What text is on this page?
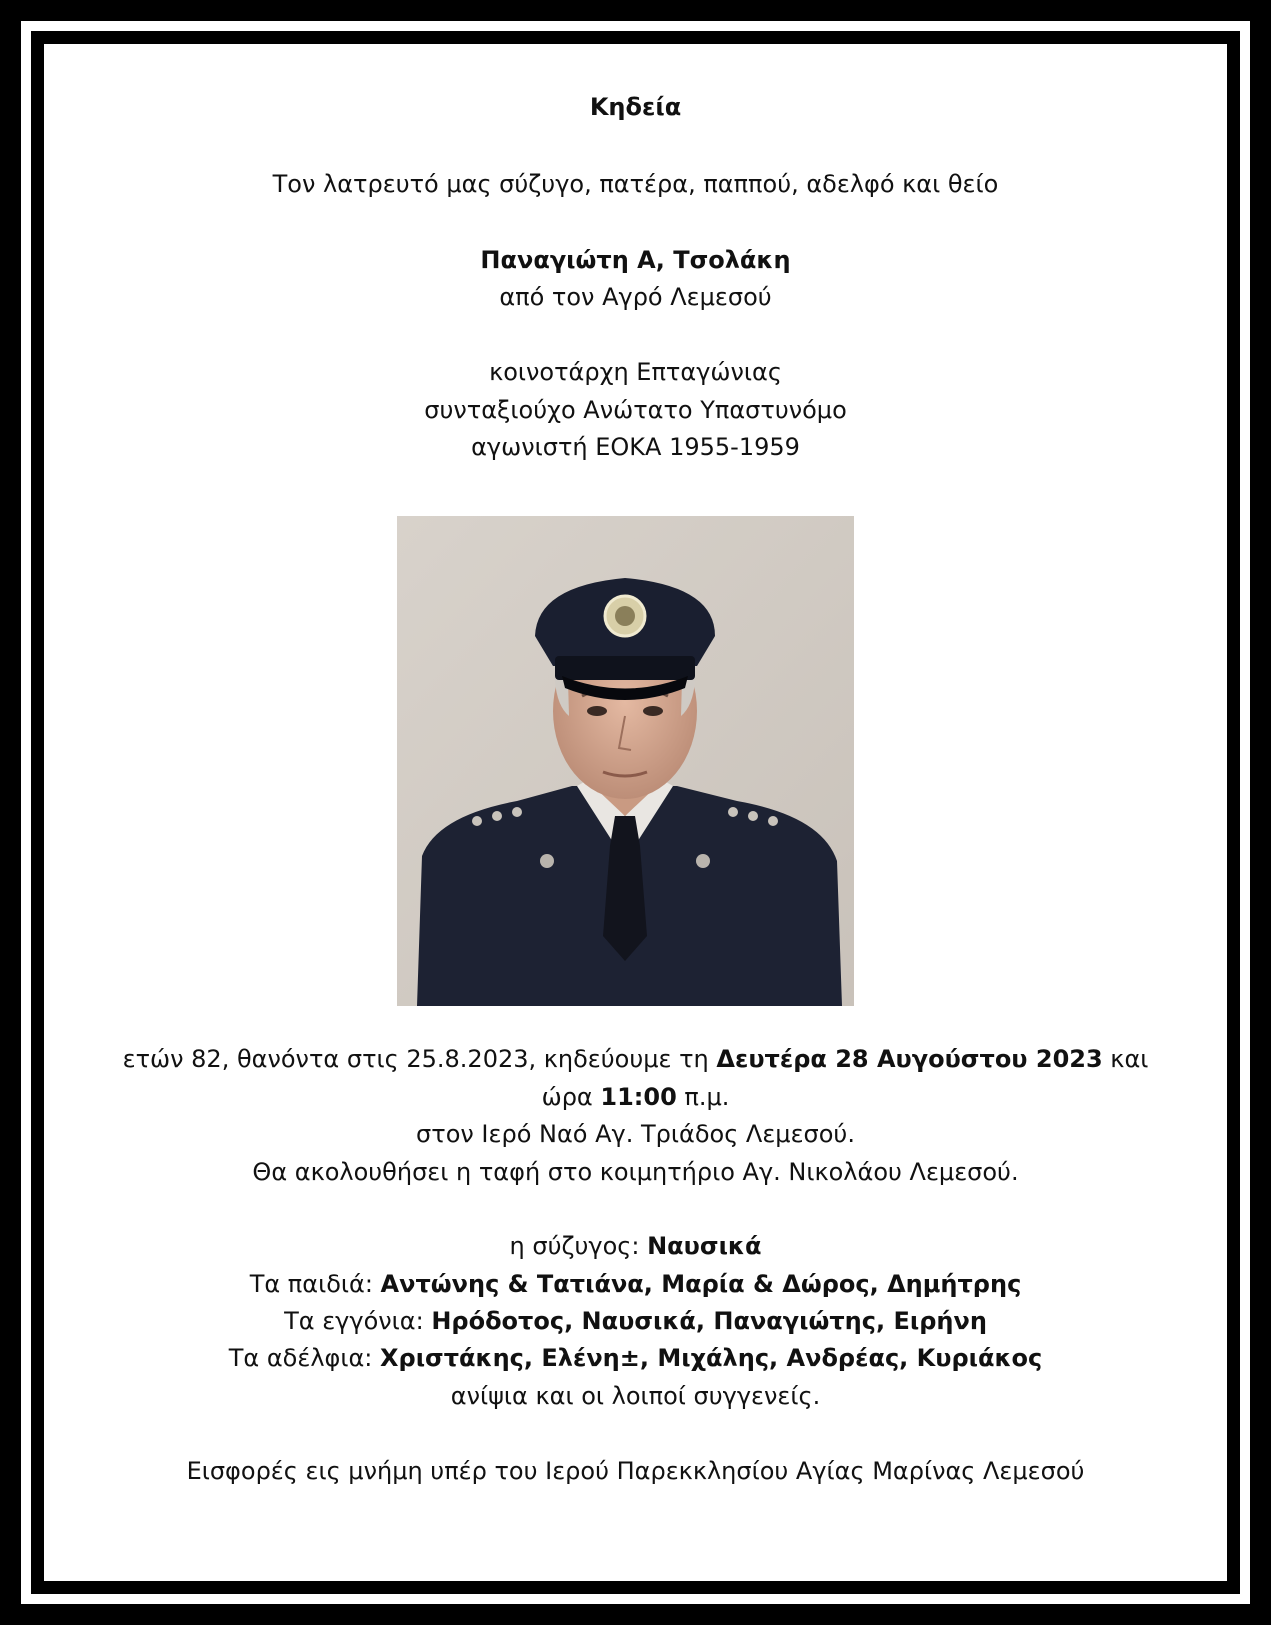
Κηδεία
Τον λατρευτό μας σύζυγο, πατέρα, παππού, αδελφό και θείο
Παναγιώτη Α, Τσολάκη
από τον Αγρό Λεμεσού
κοινοτάρχη Επταγώνιας
συνταξιούχο Ανώτατο Υπαστυνόμο
αγωνιστή ΕΟΚΑ 1955-1959
ετών 82, θανόντα στις 25.8.2023, κηδεύουμε τη Δευτέρα 28 Αυγούστου 2023 και
ώρα 11:00 π.μ.
στον Ιερό Ναό Αγ. Τριάδος Λεμεσού.
Θα ακολουθήσει η ταφή στο κοιμητήριο Αγ. Νικολάου Λεμεσού.
η σύζυγος: Ναυσικά
Τα παιδιά: Αντώνης & Τατιάνα, Μαρία & Δώρος, Δημήτρης
Τα εγγόνια: Ηρόδοτος, Ναυσικά, Παναγιώτης, Ειρήνη
Τα αδέλφια: Χριστάκης, Ελένη±, Μιχάλης, Ανδρέας, Κυριάκος
ανίψια και οι λοιποί συγγενείς.
Εισφορές εις μνήμη υπέρ του Ιερού Παρεκκλησίου Αγίας Μαρίνας Λεμεσού
